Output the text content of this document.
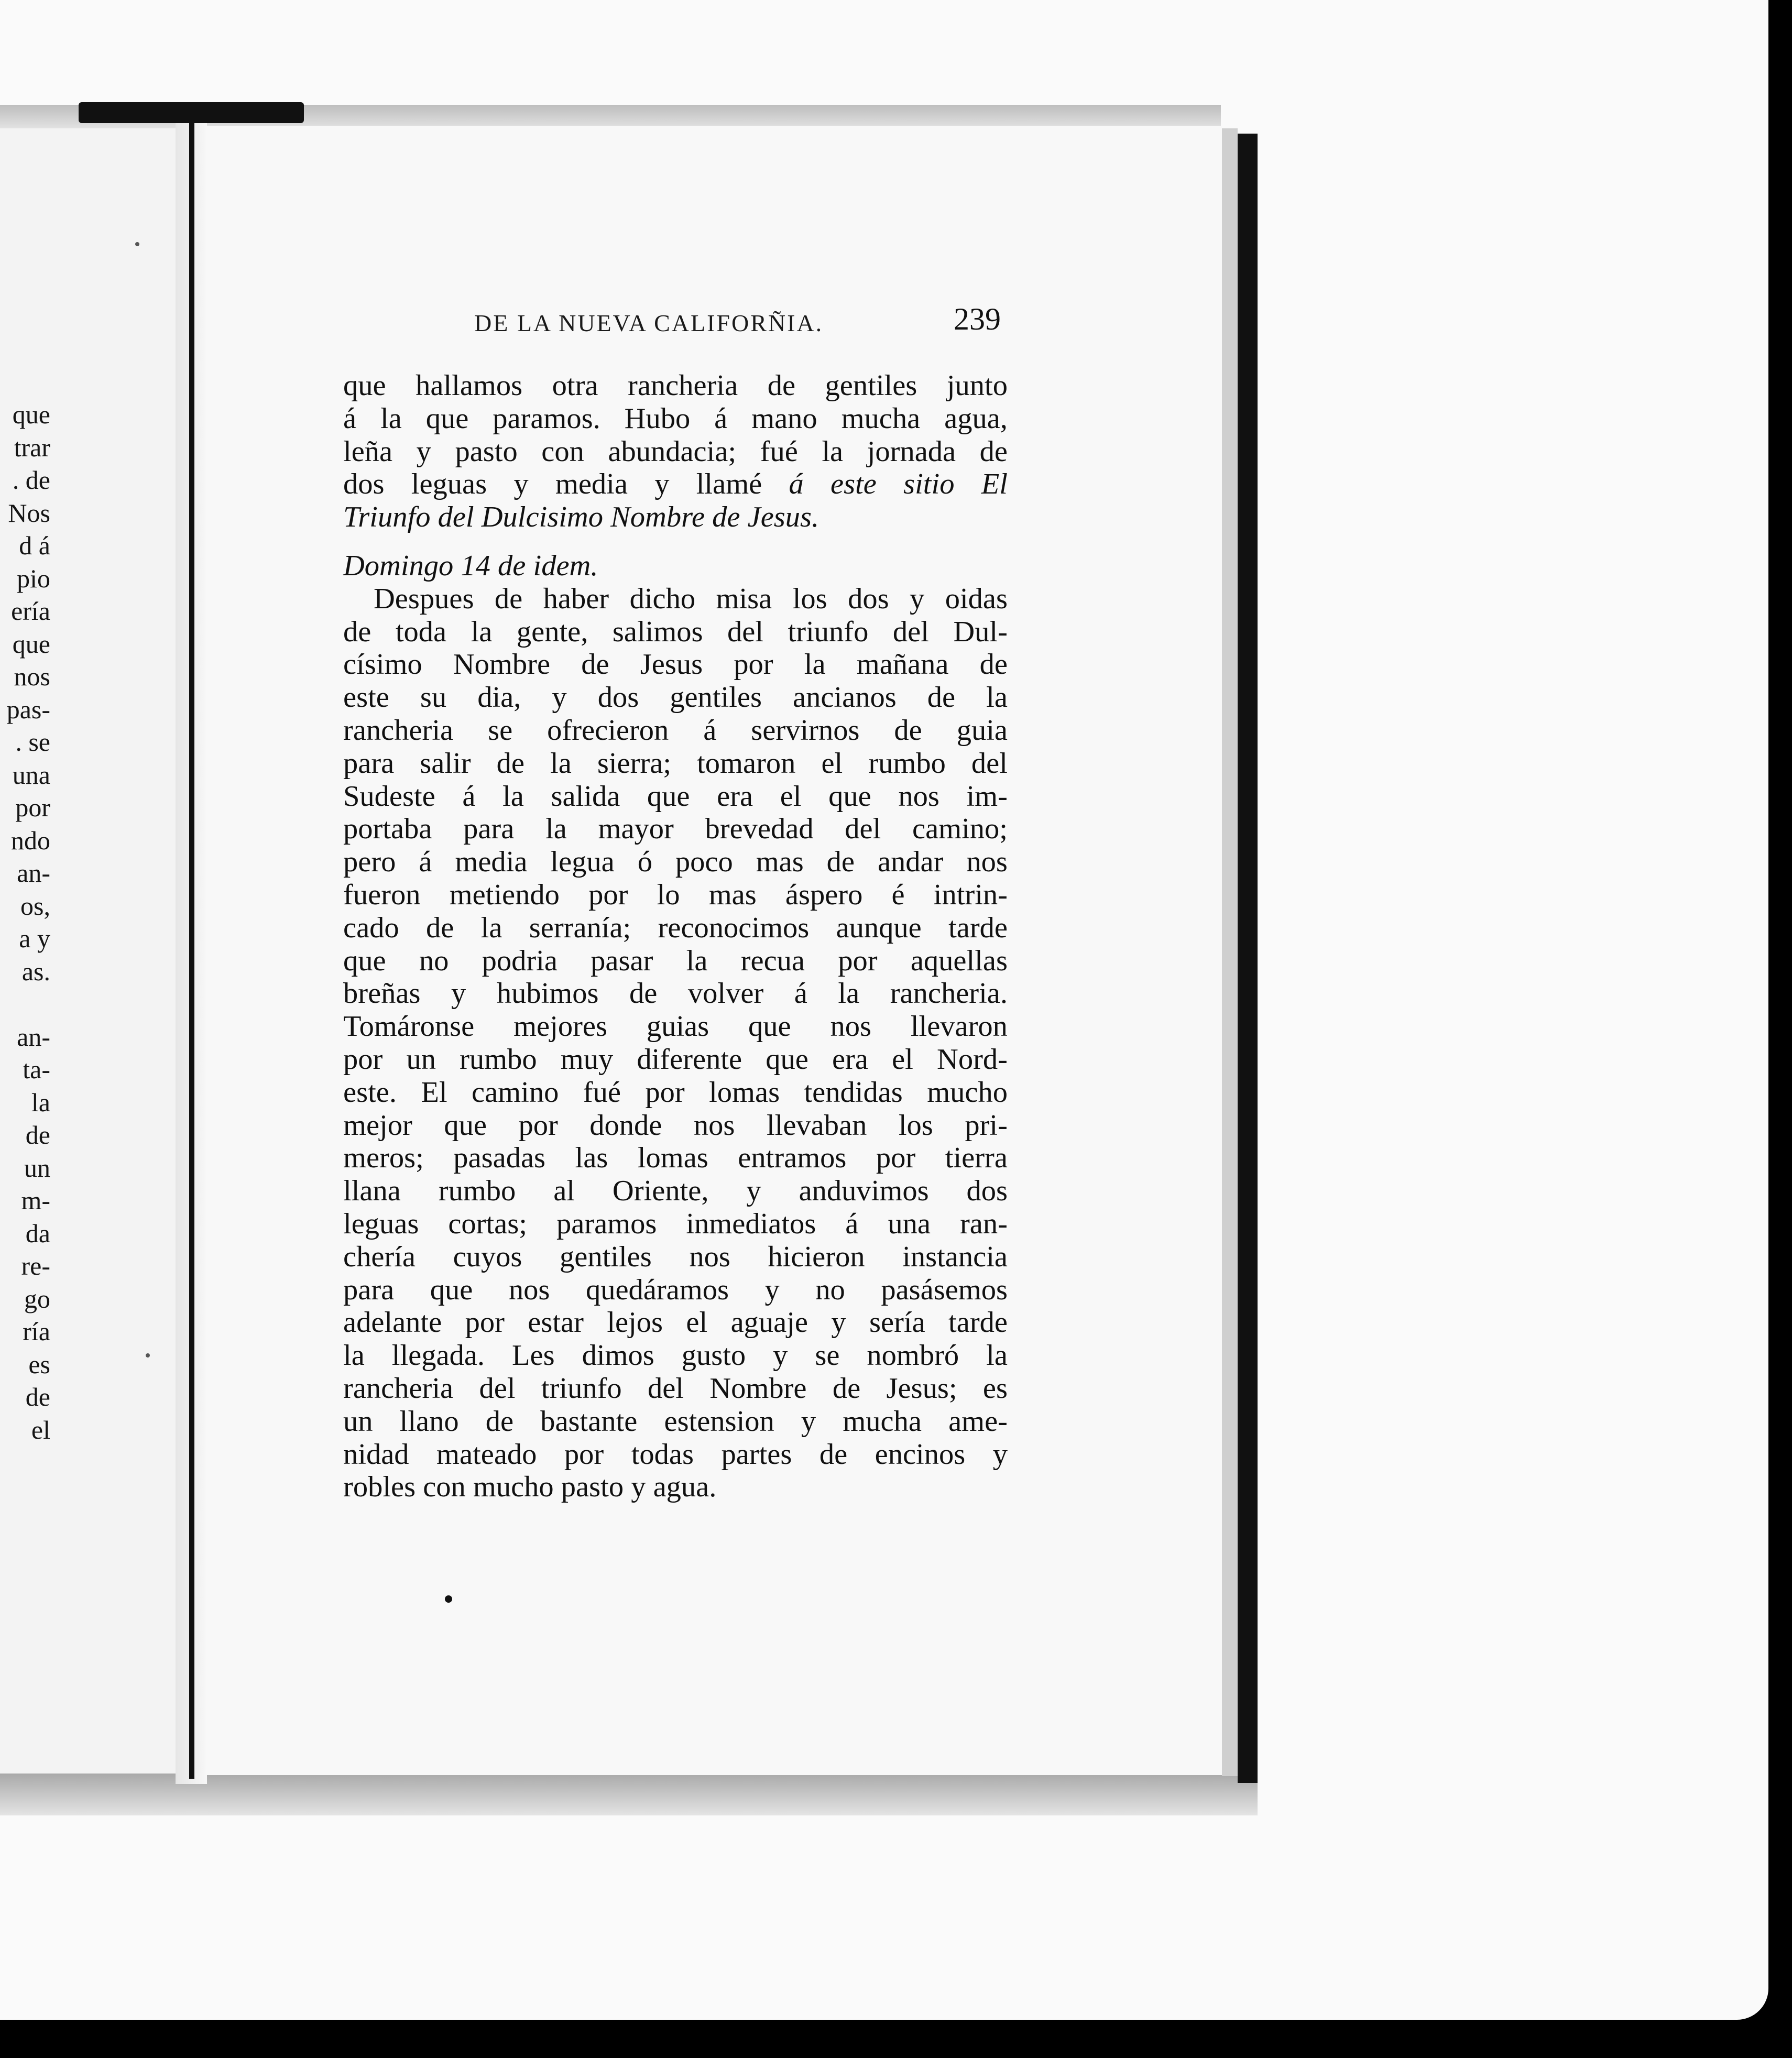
que
trar
. de
Nos
d á
pio
ería
que
nos
pas-
. se
una
por
ndo
an-
os,
a y
as.
an-
ta-
la
de
un
m-
da
re-
go
ría
es
de
el
DE LA NUEVA CALIFORÑIA.	239
que hallamos otra rancheria de gentiles junto
á la que paramos. Hubo á mano mucha agua,
leña y pasto con abundacia; fué la jornada de
dos leguas y media y llamé á este sitio El
Triunfo del Dulcisimo Nombre de Jesus.
Domingo 14 de idem.
Despues de haber dicho misa los dos y oidas
de toda la gente, salimos del triunfo del Dul-
císimo Nombre de Jesus por la mañana de
este su dia, y dos gentiles ancianos de la
rancheria se ofrecieron á servirnos de guia
para salir de la sierra; tomaron el rumbo del
Sudeste á la salida que era el que nos im-
portaba para la mayor brevedad del camino;
pero á media legua ó poco mas de andar nos
fueron metiendo por lo mas áspero é intrin-
cado de la serranía; reconocimos aunque tarde
que no podria pasar la recua por aquellas
breñas y hubimos de volver á la rancheria.
Tomáronse mejores guias que nos llevaron
por un rumbo muy diferente que era el Nord-
este. El camino fué por lomas tendidas mucho
mejor que por donde nos llevaban los pri-
meros; pasadas las lomas entramos por tierra
llana rumbo al Oriente, y anduvimos dos
leguas cortas; paramos inmediatos á una ran-
chería cuyos gentiles nos hicieron instancia
para que nos quedáramos y no pasásemos
adelante por estar lejos el aguaje y sería tarde
la llegada. Les dimos gusto y se nombró la
rancheria del triunfo del Nombre de Jesus; es
un llano de bastante estension y mucha ame-
nidad mateado por todas partes de encinos y
robles con mucho pasto y agua.
